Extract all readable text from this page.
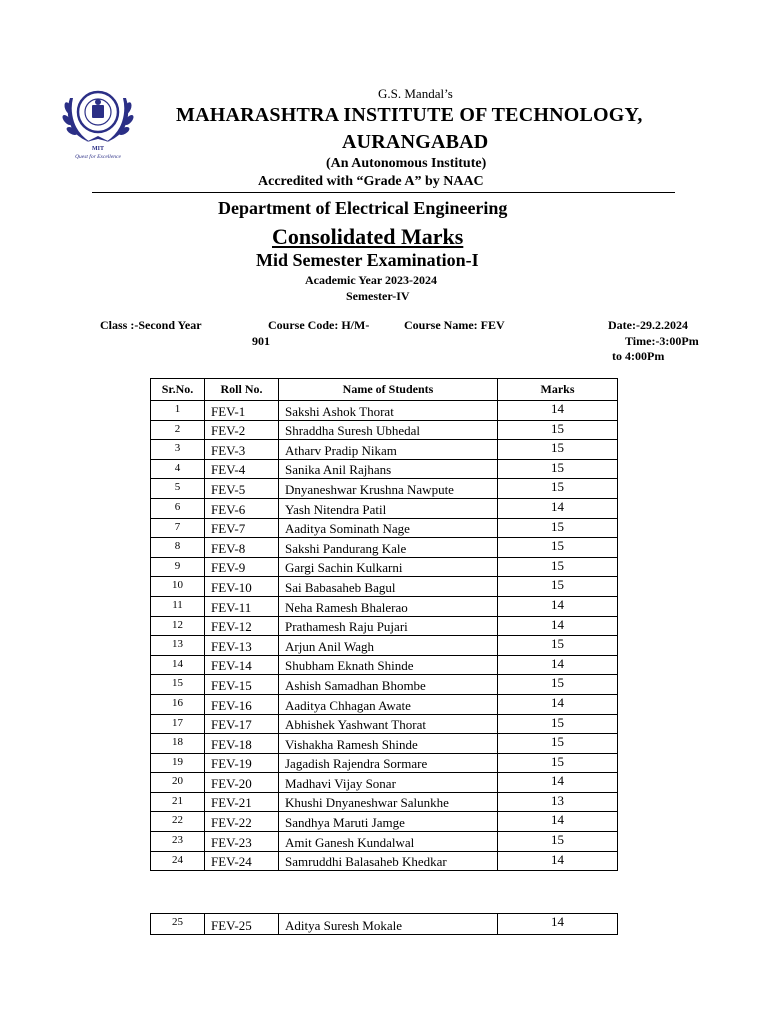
MIT
Quest for Excellence
G.S. Mandal’s
MAHARASHTRA INSTITUTE OF TECHNOLOGY,
AURANGABAD
(An Autonomous Institute)
Accredited with “Grade A” by NAAC
Department of Electrical Engineering
Consolidated Marks
Mid Semester Examination-I
Academic Year 2023-2024
Semester-IV
Class :-Second Year	Course Code: H/M-
901
Course Name: FEV	Date:-29.2.2024
Time:-3:00Pm
to 4:00Pm
Sr.No.	Roll No.	Name of Students	Marks
1	FEV-1	Sakshi Ashok Thorat	14
2	FEV-2	Shraddha Suresh Ubhedal	15
3	FEV-3	Atharv Pradip Nikam	15
4	FEV-4	Sanika Anil Rajhans	15
5	FEV-5	Dnyaneshwar Krushna Nawpute	15
6	FEV-6	Yash Nitendra Patil	14
7	FEV-7	Aaditya Sominath Nage	15
8	FEV-8	Sakshi Pandurang Kale	15
9	FEV-9	Gargi Sachin Kulkarni	15
10	FEV-10	Sai Babasaheb Bagul	15
11	FEV-11	Neha Ramesh Bhalerao	14
12	FEV-12	Prathamesh Raju Pujari	14
13	FEV-13	Arjun Anil Wagh	15
14	FEV-14	Shubham Eknath Shinde	14
15	FEV-15	Ashish Samadhan Bhombe	15
16	FEV-16	Aaditya Chhagan Awate	14
17	FEV-17	Abhishek Yashwant Thorat	15
18	FEV-18	Vishakha Ramesh Shinde	15
19	FEV-19	Jagadish Rajendra Sormare	15
20	FEV-20	Madhavi Vijay Sonar	14
21	FEV-21	Khushi Dnyaneshwar Salunkhe	13
22	FEV-22	Sandhya Maruti Jamge	14
23	FEV-23	Amit Ganesh Kundalwal	15
24	FEV-24	Samruddhi Balasaheb Khedkar	14
25	FEV-25	Aditya Suresh Mokale	14
